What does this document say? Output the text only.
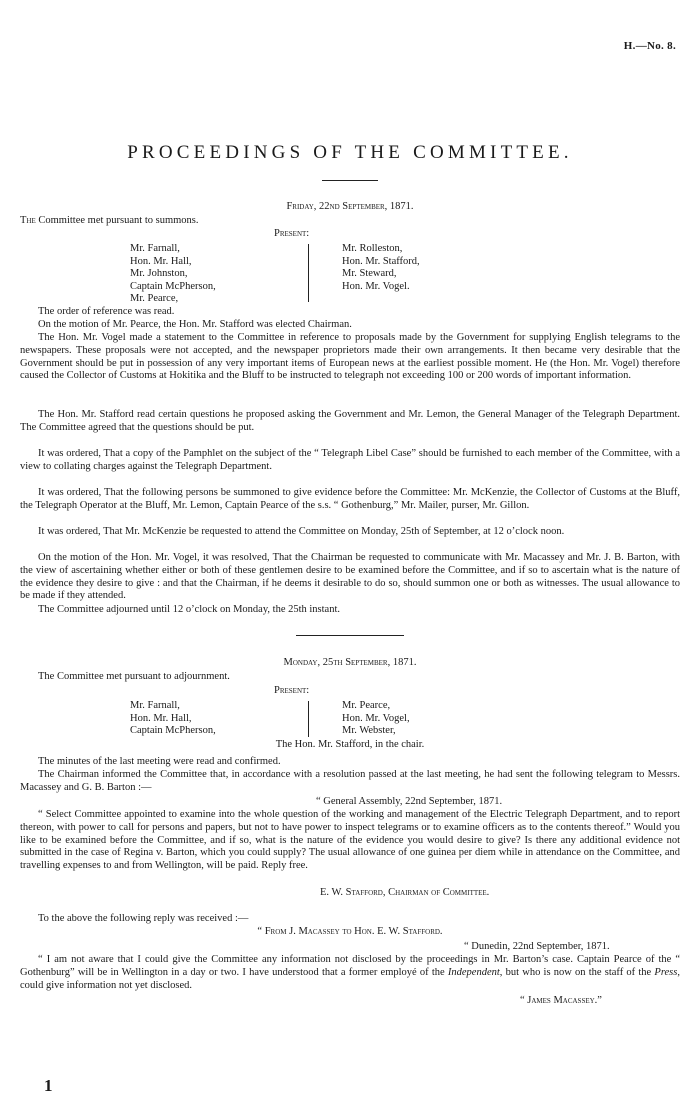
H.—No. 8.
PROCEEDINGS OF THE COMMITTEE.
Friday, 22nd September, 1871.
The Committee met pursuant to summons.
Present:
Mr. Farnall,
Hon. Mr. Hall,
Mr. Johnston,
Captain McPherson,
Mr. Pearce,
Mr. Rolleston,
Hon. Mr. Stafford,
Mr. Steward,
Hon. Mr. Vogel.

The order of reference was read.

On the motion of Mr. Pearce, the Hon. Mr. Stafford was elected Chairman.

The Hon. Mr. Vogel made a statement to the Committee in reference to proposals made by the Government for supplying English telegrams to the newspapers. These proposals were not accepted, and the newspaper proprietors made their own arrangements. It then became very desirable that the Government should be put in possession of any very important items of European news at the earliest possible moment. He (the Hon. Mr. Vogel) therefore caused the Collector of Customs at Hokitika and the Bluff to be instructed to telegraph not exceeding 100 or 200 words of important information.

The Hon. Mr. Stafford read certain questions he proposed asking the Government and Mr. Lemon, the General Manager of the Telegraph Department. The Committee agreed that the questions should be put.

It was ordered, That a copy of the Pamphlet on the subject of the “ Telegraph Libel Case” should be furnished to each member of the Committee, with a view to collating charges against the Telegraph Department.

It was ordered, That the following persons be summoned to give evidence before the Committee: Mr. McKenzie, the Collector of Customs at the Bluff, the Telegraph Operator at the Bluff, Mr. Lemon, Captain Pearce of the s.s. “ Gothenburg,” Mr. Mailer, purser, Mr. Gillon.

It was ordered, That Mr. McKenzie be requested to attend the Committee on Monday, 25th of September, at 12 o’clock noon.

On the motion of the Hon. Mr. Vogel, it was resolved, That the Chairman be requested to communicate with Mr. Macassey and Mr. J. B. Barton, with the view of ascertaining whether either or both of these gentlemen desire to be examined before the Committee, and if so to ascertain what is the nature of the evidence they desire to give : and that the Chairman, if he deems it desirable to do so, should summon one or both as witnesses. The usual allowance to be made if they attended.

The Committee adjourned until 12 o’clock on Monday, the 25th instant.

Monday, 25th September, 1871.

The Committee met pursuant to adjournment.

Present:
Mr. Farnall,
Hon. Mr. Hall,
Captain McPherson,
Mr. Pearce,
Hon. Mr. Vogel,
Mr. Webster,
The Hon. Mr. Stafford, in the chair.

The minutes of the last meeting were read and confirmed.

The Chairman informed the Committee that, in accordance with a resolution passed at the last meeting, he had sent the following telegram to Messrs. Macassey and G. B. Barton :—

“ General Assembly, 22nd September, 1871.

“ Select Committee appointed to examine into the whole question of the working and management of the Electric Telegraph Department, and to report thereon, with power to call for persons and papers, but not to have power to inspect telegrams or to examine officers as to the contents thereof.” Would you like to be examined before the Committee, and if so, what is the nature of the evidence you would desire to give? Is there any additional evidence not submitted in the case of Regina v. Barton, which you could supply? The usual allowance of one guinea per diem while in attendance on the Committee, and travelling expenses to and from Wellington, will be paid. Reply free.

E. W. Stafford, Chairman of Committee.

To the above the following reply was received :—

“ From J. Macassey to Hon. E. W. Stafford.
“ Dunedin, 22nd September, 1871.

“ I am not aware that I could give the Committee any information not disclosed by the proceedings in Mr. Barton’s case. Captain Pearce of the “ Gothenburg” will be in Wellington in a day or two. I have understood that a former employé of the Independent, but who is now on the staff of the Press, could give information not yet disclosed.

“ James Macassey.”
1
